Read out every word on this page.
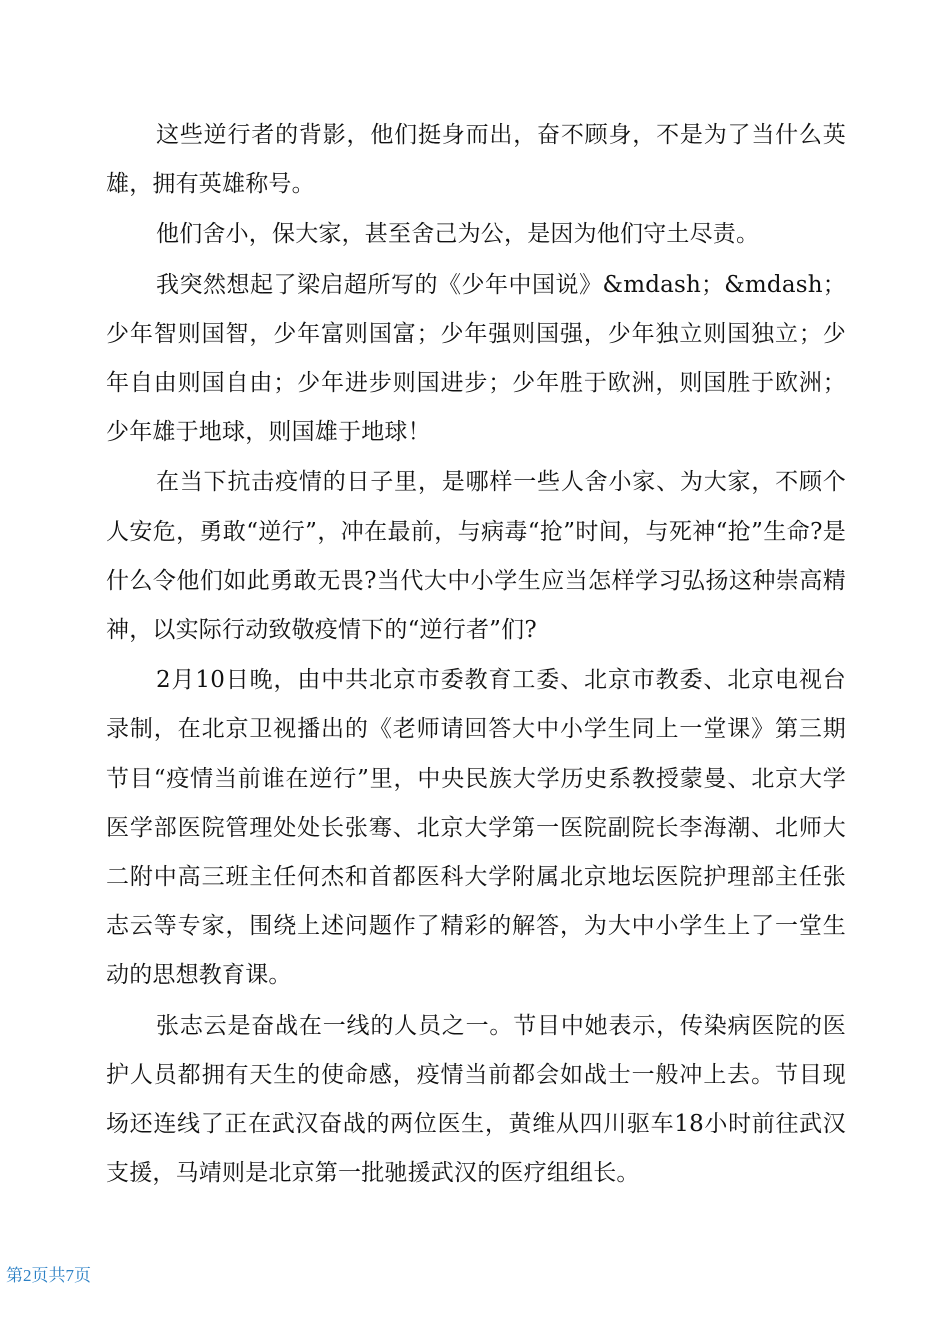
这些逆行者的背影，他们挺身而出，奋不顾身，不是为了当什么英雄，拥有英雄称号。

他们舍小，保大家，甚至舍己为公，是因为他们守土尽责。

我突然想起了梁启超所写的《少年中国说》&mdash；&mdash；少年智则国智，少年富则国富；少年强则国强，少年独立则国独立；少年自由则国自由；少年进步则国进步；少年胜于欧洲，则国胜于欧洲；少年雄于地球，则国雄于地球！

在当下抗击疫情的日子里，是哪样一些人舍小家、为大家，不顾个人安危，勇敢“逆行”，冲在最前，与病毒“抢”时间，与死神“抢”生命?是什么令他们如此勇敢无畏?当代大中小学生应当怎样学习弘扬这种崇高精神，以实际行动致敬疫情下的“逆行者”们?

2月10日晚，由中共北京市委教育工委、北京市教委、北京电视台录制，在北京卫视播出的《老师请回答大中小学生同上一堂课》第三期节目“疫情当前谁在逆行”里，中央民族大学历史系教授蒙曼、北京大学医学部医院管理处处长张骞、北京大学第一医院副院长李海潮、北师大二附中高三班主任何杰和首都医科大学附属北京地坛医院护理部主任张志云等专家，围绕上述问题作了精彩的解答，为大中小学生上了一堂生动的思想教育课。

张志云是奋战在一线的人员之一。节目中她表示，传染病医院的医护人员都拥有天生的使命感，疫情当前都会如战士一般冲上去。节目现场还连线了正在武汉奋战的两位医生，黄维从四川驱车18小时前往武汉支援，马靖则是北京第一批驰援武汉的医疗组组长。

第2页共7页
